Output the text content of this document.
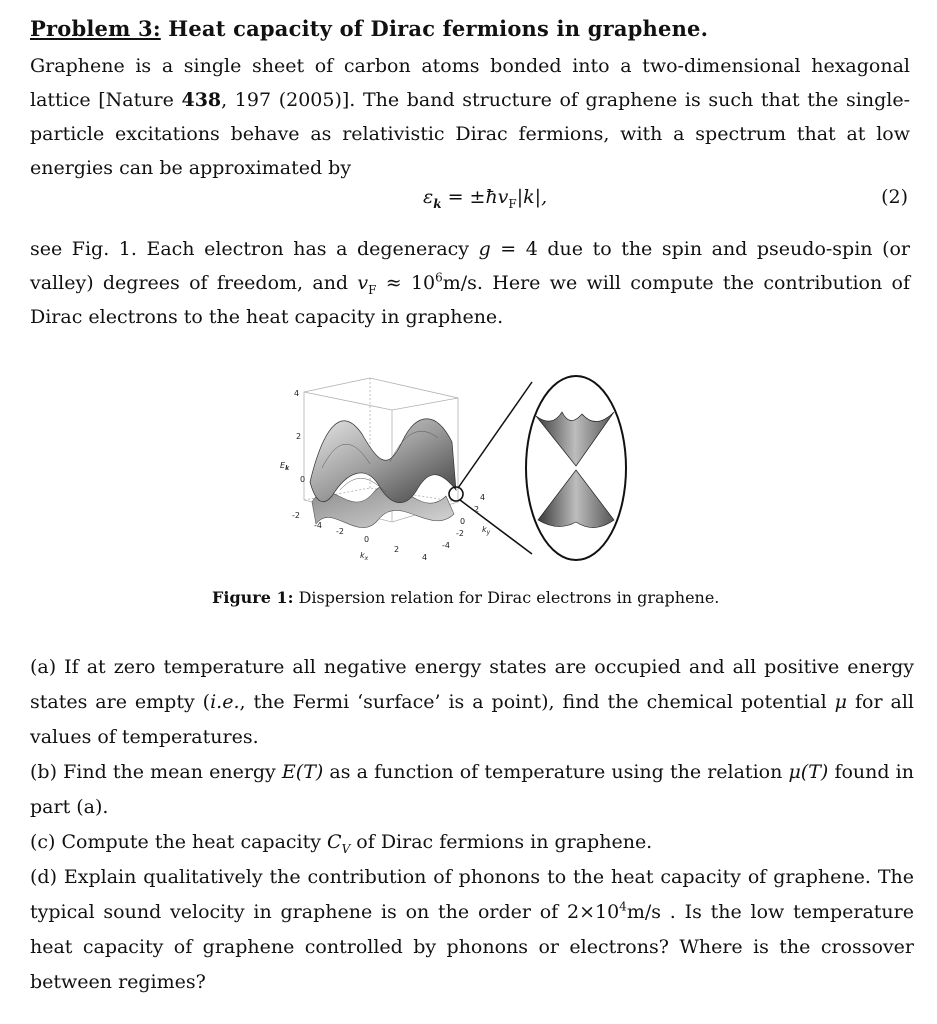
Problem 3: Heat capacity of Dirac fermions in graphene.
Graphene is a single sheet of carbon atoms bonded into a two-dimensional hexagonal lattice [Nature 438, 197 (2005)]. The band structure of graphene is such that the single-particle excitations behave as relativistic Dirac fermions, with a spectrum that at low energies can be approximated by
$\varepsilon_k$ = $\pm ħv_F|k|$,	(2)
see Fig. 1. Each electron has a degeneracy g = 4 due to the spin and pseudo-spin (or valley) degrees of freedom, and $v_F \approx 10^6m/s$. Here we will compute the contribution of Dirac electrons to the heat capacity in graphene.
4
2
0
-2
$E_k$
-4
-2
0
2
4
$k_x$
4
2
0
-2
-4
$k_y$
Figure 1: Dispersion relation for Dirac electrons in graphene.

(a) If at zero temperature all negative energy states are occupied and all positive energy states are empty (i.e., the Fermi ‘surface’ is a point), find the chemical potential μ for all values of temperatures.

(b) Find the mean energy E(T) as a function of temperature using the relation μ(T) found in part (a).

(c) Compute the heat capacity $C_V$ of Dirac fermions in graphene.

(d) Explain qualitatively the contribution of phonons to the heat capacity of graphene. The typical sound velocity in graphene is on the order of $2\times 10^4m/s$ . Is the low temperature heat capacity of graphene controlled by phonons or electrons? Where is the crossover between regimes?
